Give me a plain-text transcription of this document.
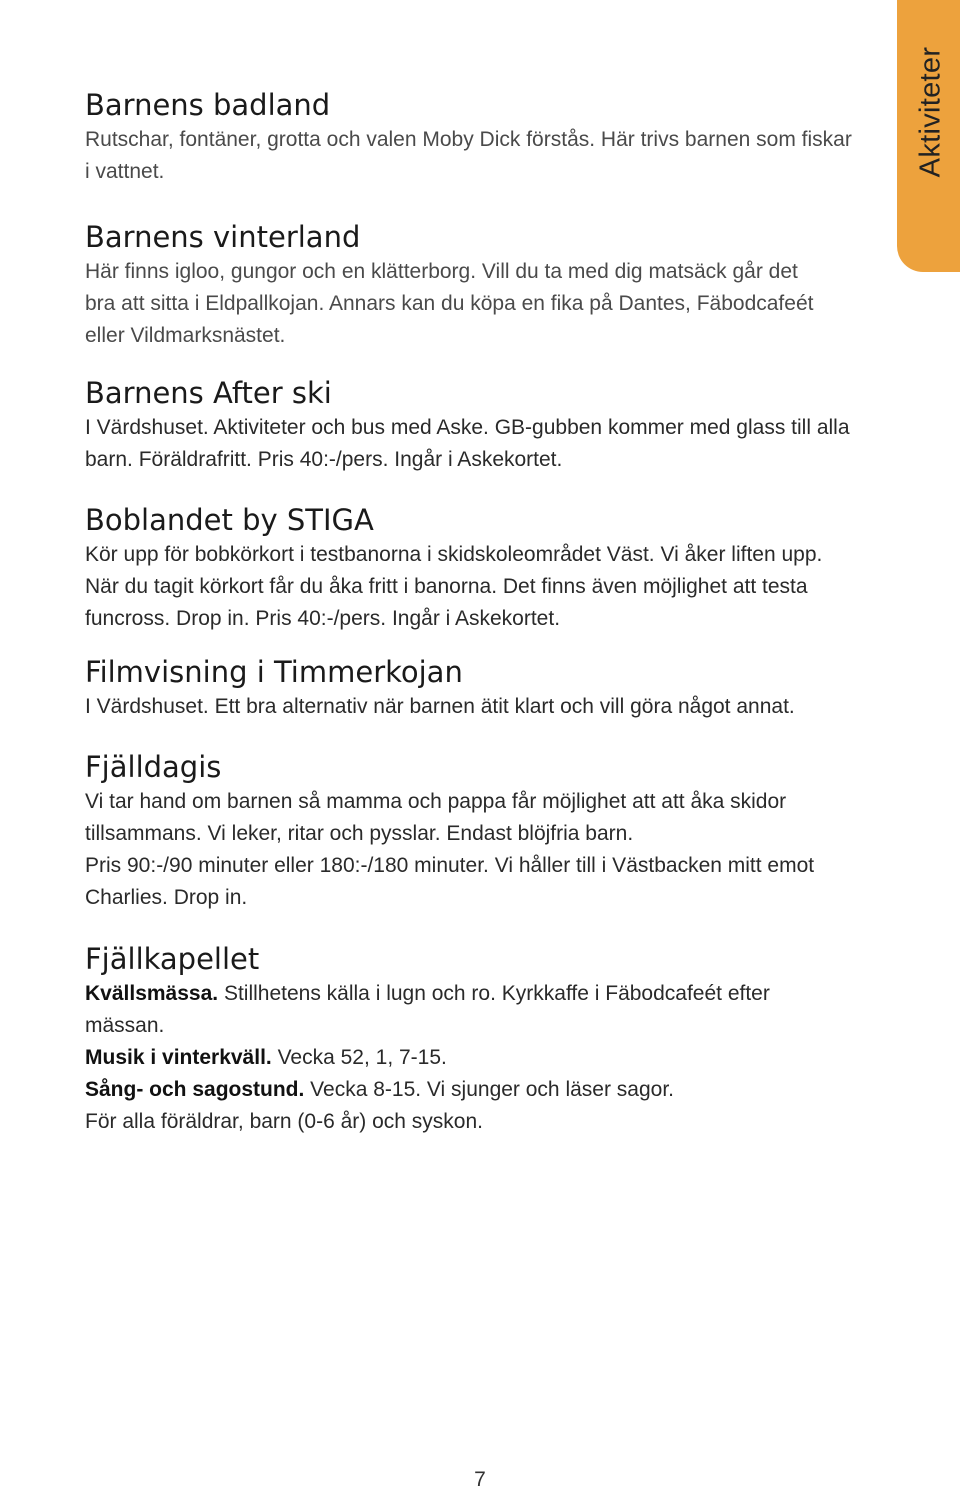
Aktiviteter
Barnens badland

Rutschar, fontäner, grotta och valen Moby Dick förstås. Här trivs barnen som fiskar i vattnet.

Barnens vinterland

Här finns igloo, gungor och en klätterborg. Vill du ta med dig matsäck går det bra att sitta i Eldpallkojan. Annars kan du köpa en fika på Dantes, Fäbodcafeét eller Vildmarksnästet.

Barnens After ski

I Värdshuset. Aktiviteter och bus med Aske. GB-gubben kommer med glass till alla barn. Föräldrafritt. Pris 40:-/pers. Ingår i Askekortet.

Boblandet by STIGA

Kör upp för bobkörkort i testbanorna i skidskoleområdet Väst. Vi åker liften upp. När du tagit körkort får du åka fritt i banorna. Det finns även möjlighet att testa funcross. Drop in. Pris 40:-/pers. Ingår i Askekortet.

Filmvisning i Timmerkojan

I Värdshuset. Ett bra alternativ när barnen ätit klart och vill göra något annat.

Fjälldagis

Vi tar hand om barnen så mamma och pappa får möjlighet att att åka skidor tillsammans. Vi leker, ritar och pysslar. Endast blöjfria barn.

Pris 90:-/90 minuter eller 180:-/180 minuter. Vi håller till i Västbacken mitt emot Charlies. Drop in.

Fjällkapellet

Kvällsmässa. Stillhetens källa i lugn och ro. Kyrkkaffe i Fäbodcafeét efter mässan.

Musik i vinterkväll. Vecka 52, 1, 7-15.

Sång- och sagostund. Vecka 8-15. Vi sjunger och läser sagor.

För alla föräldrar, barn (0-6 år) och syskon.

7
